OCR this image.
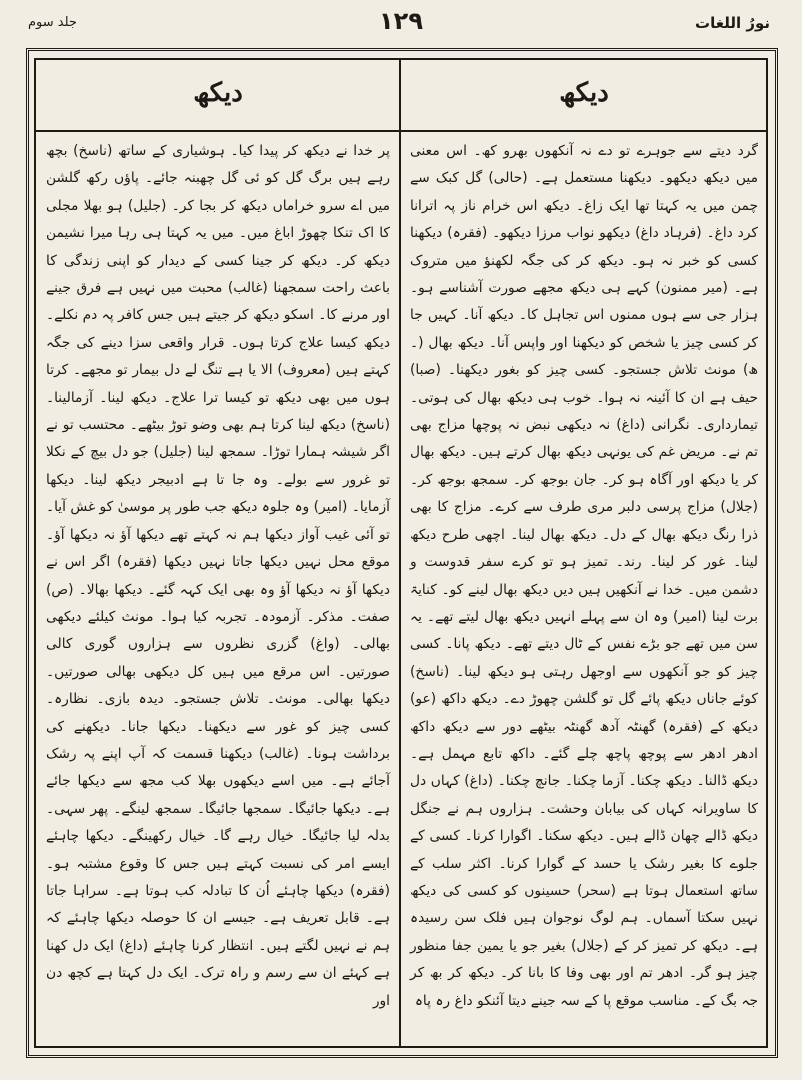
جلد سوم	۱۲۹	نورُ اللغات
دیکھ
دیکھ

گرد دیتے سے جوہرے تو دے نہ آنکھوں بھرو کھ۔ اس معنی میں دیکھ دیکھو۔ دیکھنا مستعمل ہے۔ (حالی) گل کبک سے چمن میں یہ کہتا تھا ایک زاغ۔ دیکھ اس خرام ناز پہ اترانا کرد داغ۔ (فرہاد داغ) دیکھو نواب مرزا دیکھو۔ (فقرہ) دیکھنا کسی کو خبر نہ ہو۔ دیکھ کر کی جگہ لکھنؤ میں متروک ہے۔ (میر ممنون) کہے ہی دیکھ مجھے صورت آشناسے ہو۔ ہزار جی سے ہوں ممنوں اس تجاہل کا۔ دیکھ آنا۔ کہیں جا کر کسی چیز یا شخص کو دیکھنا اور واپس آنا۔ دیکھ بھال (۔ھ) مونث تلاش جستجو۔ کسی چیز کو بغور دیکھنا۔ (صبا) حیف ہے ان کا آئینہ نہ ہوا۔ خوب ہی دیکھ بھال کی ہوتی۔ تیمارداری۔ نگرانی (داغ) نہ دیکھی نبض نہ پوچھا مزاج بھی تم نے۔ مریض غم کی یونہی دیکھ بھال کرتے ہیں۔ دیکھ بھال کر یا دیکھ اور آگاہ ہو کر۔ جان بوجھ کر۔ سمجھ بوجھ کر۔ (جلال) مزاج پرسی دلبر مری طرف سے کرے۔ مزاج کا بھی ذرا رنگ دیکھ بھال کے دل۔ دیکھ بھال لینا۔ اچھی طرح دیکھ لینا۔ غور کر لینا۔ رند۔ تمیز ہو تو کرے سفر قدوست و دشمن میں۔ خدا نے آنکھیں ہیں دیں دیکھ بھال لینے کو۔ کنایۃ برت لینا (امیر) وہ ان سے پہلے انہیں دیکھ بھال لیتے تھے۔ یہ سن میں تھے جو بڑے نفس کے ٹال دیتے تھے۔ دیکھ پانا۔ کسی چیز کو جو آنکھوں سے اوجھل رہتی ہو دیکھ لینا۔ (ناسخ) کوئے جاناں دیکھ پائے گل تو گلشن چھوڑ دے۔ دیکھ داکھ (عو) دیکھ کے (فقرہ) گھنٹہ آدھ گھنٹہ بیٹھے دور سے دیکھ داکھ ادھر ادھر سے پوچھ پاچھ چلے گئے۔ داکھ تابع مہمل ہے۔ دیکھ ڈالنا۔ دیکھ چکنا۔ آزما چکنا۔ جانچ چکنا۔ (داغ) کہاں دل کا ساویرانہ کہاں کی بیابان وحشت۔ ہزاروں ہم نے جنگل دیکھ ڈالے چھان ڈالے ہیں۔ دیکھ سکنا۔ اگوارا کرنا۔ کسی کے جلوے کا بغیر رشک یا حسد کے گوارا کرنا۔ اکثر سلب کے ساتھ استعمال ہوتا ہے (سحر) حسینوں کو کسی کی دیکھ نہیں سکتا آسماں۔ ہم لوگ نوجوان ہیں فلک سن رسیدہ ہے۔ دیکھ کر تمیز کر کے (جلال) بغیر جو یا یمین جفا منظور چیز ہو گر۔ ادھر تم اور بھی وفا کا بانا کر۔ دیکھ کر بھ کر جہ بگ کے۔ مناسب موقع پا کے سہ جینے دیتا آئنکو داغ رہ پاہ

پر خدا نے دیکھ کر پیدا کیا۔ ہوشیاری کے ساتھ (ناسخ) بچھ رہے ہیں برگ گل کو ئی گل چھبنہ جائے۔ پاؤں رکھ گلشن میں اے سرو خراماں دیکھ کر بجا کر۔ (جلیل) ہو بھلا مجلی کا اک تنکا چھوڑ اباغ میں۔ میں یہ کہتا ہی رہا میرا نشیمن دیکھ کر۔ دیکھ کر جینا کسی کے دیدار کو اپنی زندگی کا باعث راحت سمجھنا (غالب) محبت میں نہیں ہے فرق جینے اور مرنے کا۔ اسکو دیکھ کر جیتے ہیں جس کافر پہ دم نکلے۔ دیکھ کیسا علاج کرتا ہوں۔ قرار واقعی سزا دینے کی جگہ کہتے ہیں (معروف) الا یا ہے تنگ لے دل بیمار تو مجھے۔ کرتا ہوں میں بھی دیکھ تو کیسا ترا علاج۔ دیکھ لینا۔ آزمالینا۔ (ناسخ) دیکھ لینا کرتا ہم بھی وضو توڑ بیٹھے۔ محتسب تو نے اگر شیشہ ہمارا توڑا۔ سمجھ لینا (جلیل) جو دل بیچ کے نکلا تو غرور سے بولے۔ وہ جا تا ہے ادبیجر دیکھ لینا۔ دیکھا آزمایا۔ (امیر) وہ جلوہ دیکھ جب طور پر موسیٰ کو غش آیا۔ تو آئی غیب آواز دیکھا ہم نہ کہتے تھے دیکھا آؤ نہ دیکھا آؤ۔ موقع محل نہیں دیکھا جاتا نہیں دیکھا (فقرہ) اگر اس نے دیکھا آؤ نہ دیکھا آؤ وہ بھی ایک کہہ گئے۔ دیکھا بھالا۔ (ص) صفت۔ مذکر۔ آزمودہ۔ تجربہ کیا ہوا۔ مونث کیلئے دیکھی بھالی۔ (واغ) گزری نظروں سے ہزاروں گوری کالی صورتیں۔ اس مرقع میں ہیں کل دیکھی بھالی صورتیں۔ دیکھا بھالی۔ مونث۔ تلاش جستجو۔ دیدہ بازی۔ نظارہ۔ کسی چیز کو غور سے دیکھنا۔ دیکھا جانا۔ دیکھنے کی برداشت ہونا۔ (غالب) دیکھنا قسمت کہ آپ اپنے پہ رشک آجائے ہے۔ میں اسے دیکھوں بھلا کب مجھ سے دیکھا جائے ہے۔ دیکھا جائیگا۔ سمجھا جائیگا۔ سمجھ لینگے۔ پھر سہی۔ بدلہ لیا جائیگا۔ خیال رہے گا۔ خیال رکھینگے۔ دیکھا چاہئے ایسے امر کی نسبت کہتے ہیں جس کا وقوع مشتبہ ہو۔ (فقرہ) دیکھا چاہئے اُن کا تبادلہ کب ہوتا ہے۔ سراہا جاتا ہے۔ قابل تعریف ہے۔ جیسے ان کا حوصلہ دیکھا چاہئے کہ ہم نے نہیں لگتے ہیں۔ انتظار کرنا چاہئے (داغ) ایک دل کھنا ہے کہئے ان سے رسم و راہ ترک۔ ایک دل کہتا ہے کچھ دن اور
